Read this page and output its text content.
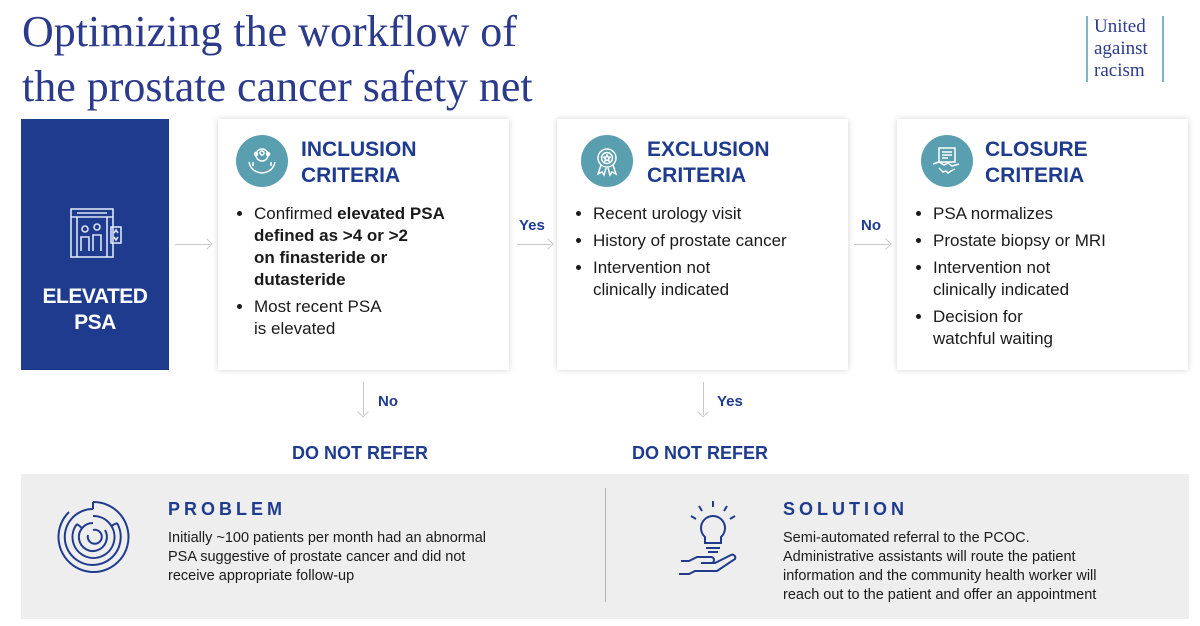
Optimizing the workflow of
the prostate cancer safety net
United
against
racism
ELEVATED
PSA
INCLUSION
CRITERIA
• Confirmed elevated PSA
defined as >4 or >2
on finasteride or
dutasteride
• Most recent PSA
is elevated
EXCLUSION
CRITERIA
• Recent urology visit
• History of prostate cancer
• Intervention not
clinically indicated
CLOSURE
CRITERIA
• PSA normalizes
• Prostate biopsy or MRI
• Intervention not
clinically indicated
• Decision for
watchful waiting
Yes	No
No
DO NOT REFER
Yes
DO NOT REFER
PROBLEM
Initially ~100 patients per month had an abnormal
PSA suggestive of prostate cancer and did not
receive appropriate follow-up
SOLUTION
Semi-automated referral to the PCOC.
Administrative assistants will route the patient
information and the community health worker will
reach out to the patient and offer an appointment
